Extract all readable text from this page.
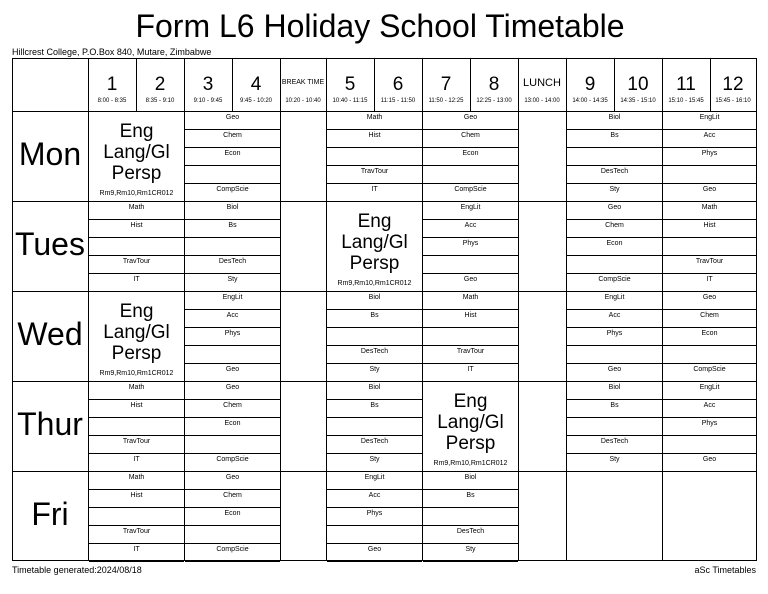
Form L6 Holiday School Timetable
Hillcrest College, P.O.Box 840, Mutare, Zimbabwe
1
8:00 - 8:35
2
8:35 - 9:10
3
9:10 - 9:45
4
9:45 - 10:20
BREAK TIME
10:20 - 10:40
5
10:40 - 11:15
6
11:15 - 11:50
7
11:50 - 12:25
8
12:25 - 13:00
LUNCH
13:00 - 14:00
9
14:00 - 14:35
10
14:35 - 15:10
11
15:10 - 15:45
12
15:45 - 16:10
Mon
Eng
Lang/Gl
Persp
Rm9,Rm10,Rm1CR012
Geo
Chem
Econ
CompScie
Math
Hist
TravTour
IT
Geo
Chem
Econ
CompScie
Biol
Bs
DesTech
Sty
EngLit
Acc
Phys
Geo
Tues
Math
Hist
TravTour
IT
Biol
Bs
DesTech
Sty
Eng
Lang/Gl
Persp
Rm9,Rm10,Rm1CR012
EngLit
Acc
Phys
Geo
Geo
Chem
Econ
CompScie
Math
Hist
TravTour
IT
Wed
Eng
Lang/Gl
Persp
Rm9,Rm10,Rm1CR012
EngLit
Acc
Phys
Geo
Biol
Bs
DesTech
Sty
Math
Hist
TravTour
IT
EngLit
Acc
Phys
Geo
Geo
Chem
Econ
CompScie
Thur
Math
Hist
TravTour
IT
Geo
Chem
Econ
CompScie
Biol
Bs
DesTech
Sty
Eng
Lang/Gl
Persp
Rm9,Rm10,Rm1CR012
Biol
Bs
DesTech
Sty
EngLit
Acc
Phys
Geo
Fri
Math
Hist
TravTour
IT
Geo
Chem
Econ
CompScie
EngLit
Acc
Phys
Geo
Biol
Bs
DesTech
Sty
Timetable generated:2024/08/18	aSc Timetables
